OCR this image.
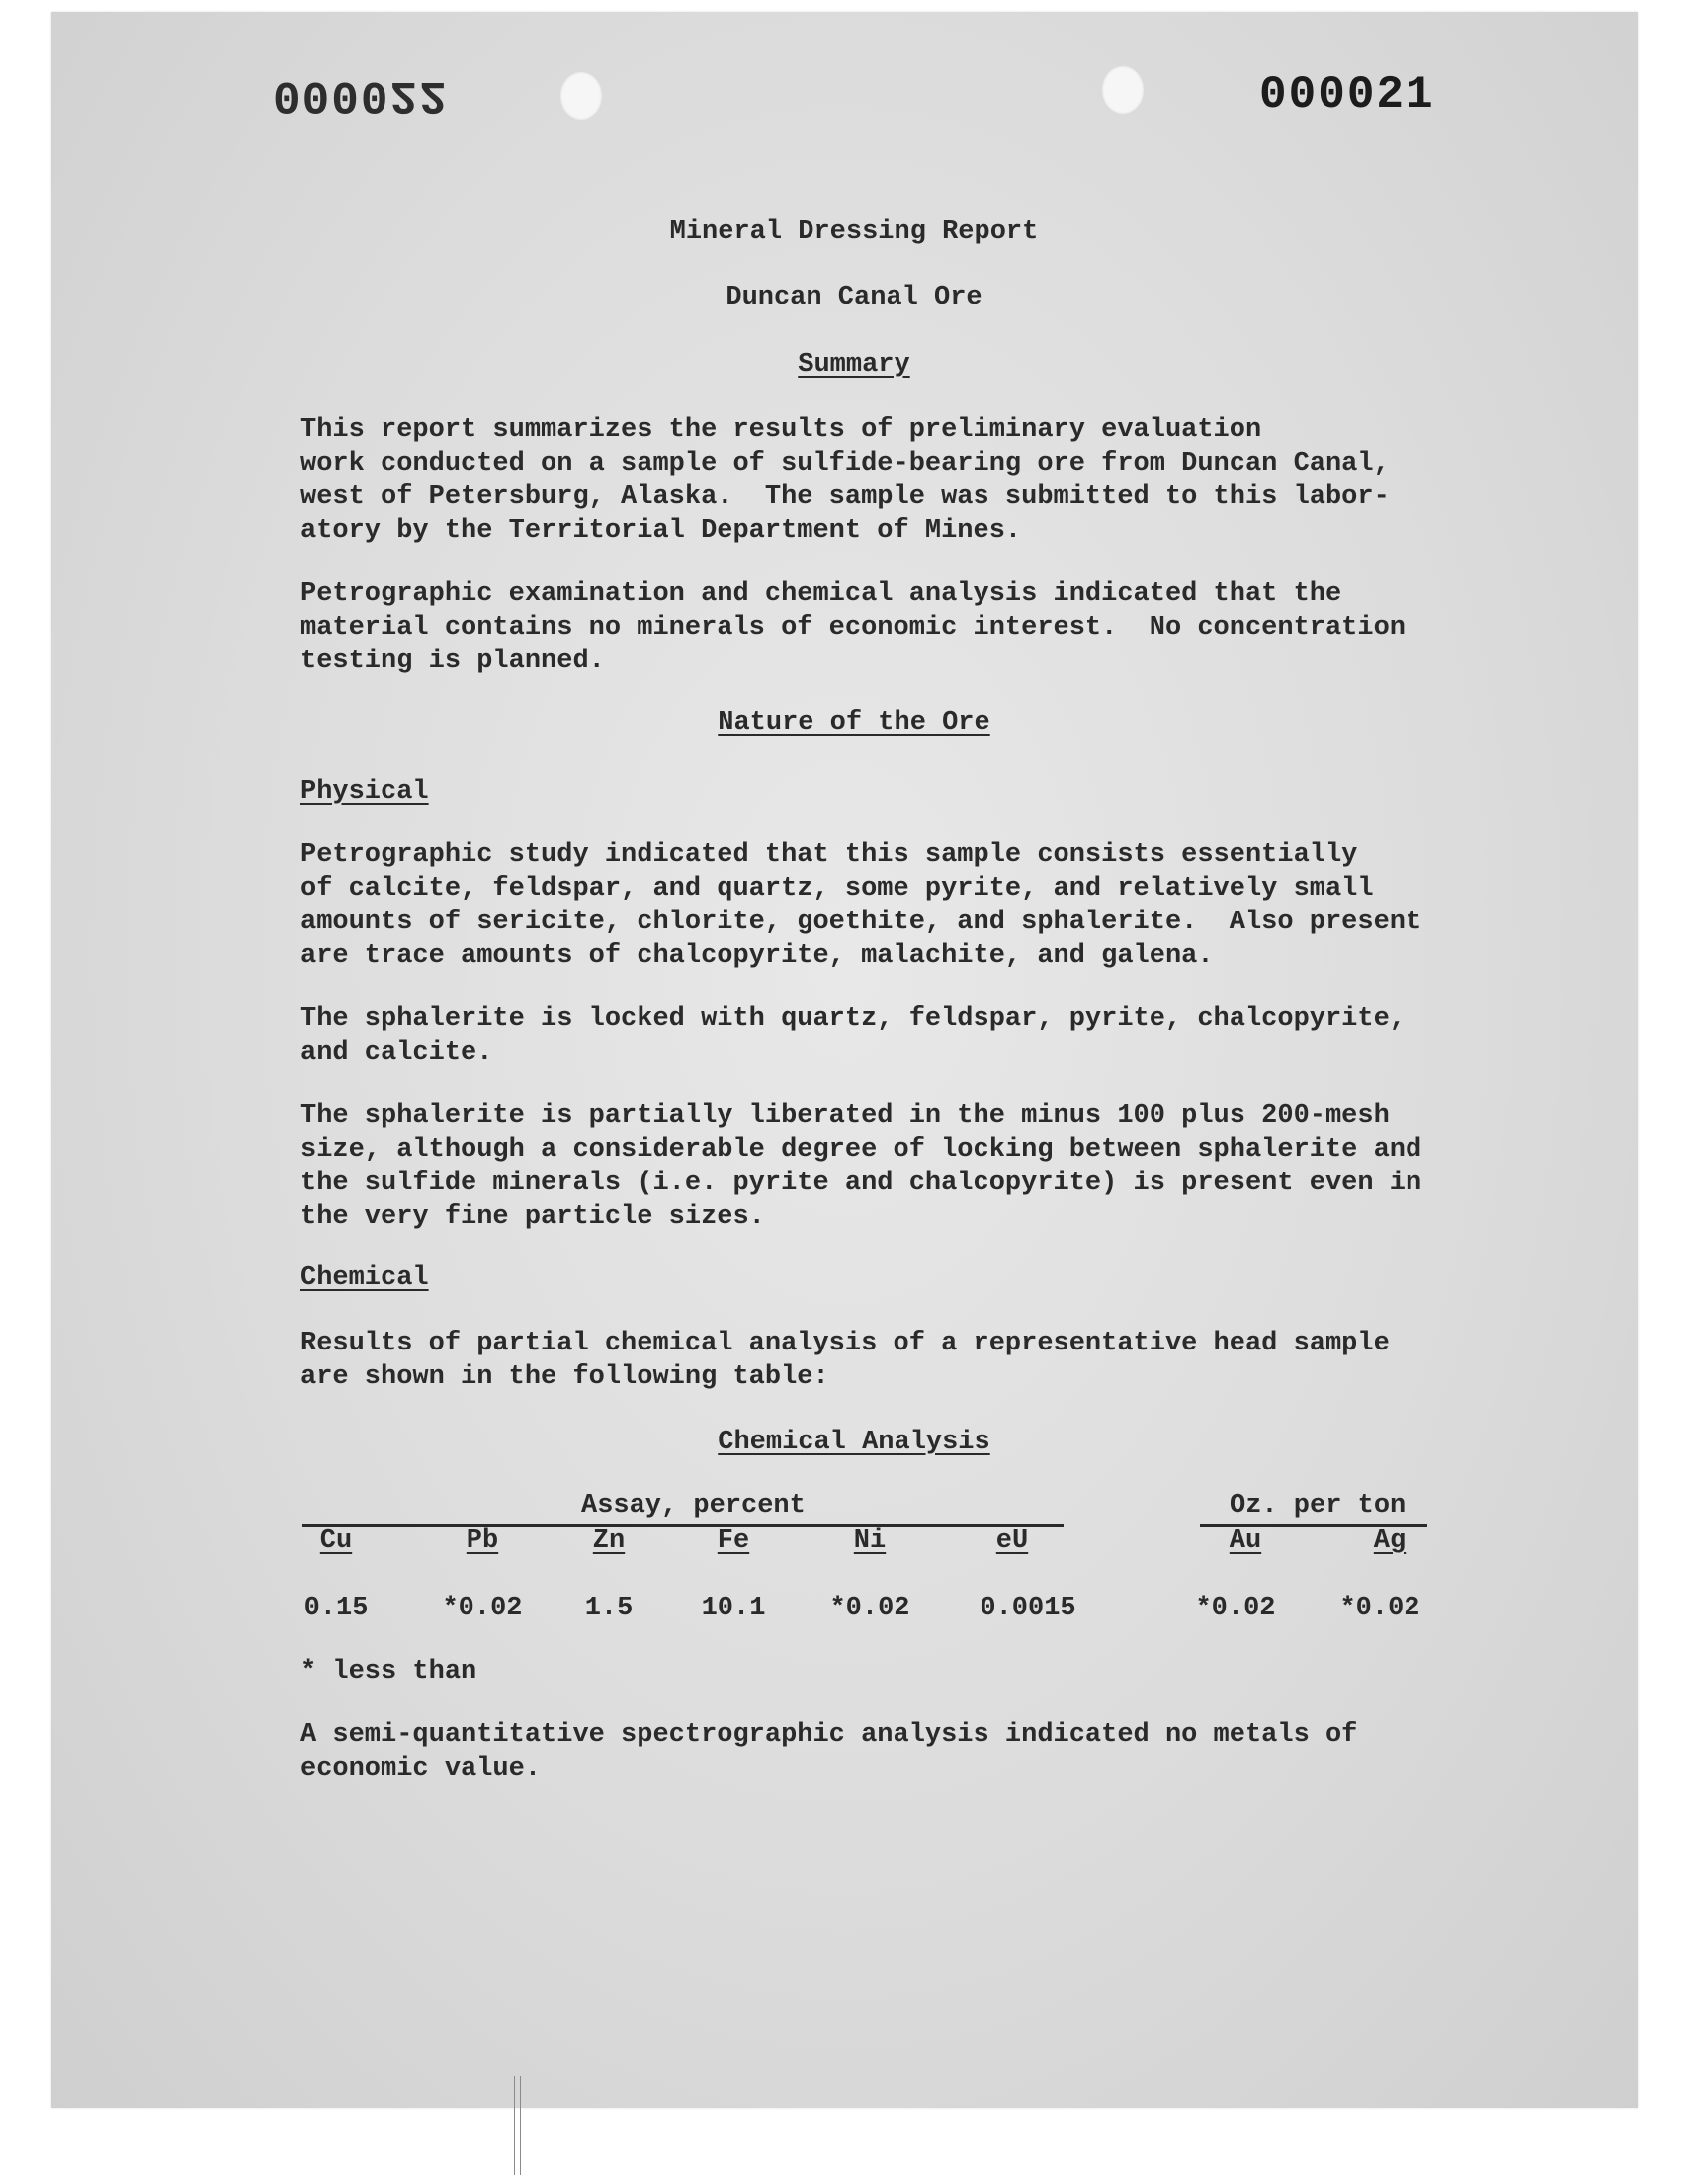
000022	000021
Mineral Dressing Report
Duncan Canal Ore
Summary

This report summarizes the results of preliminary evaluation
work conducted on a sample of sulfide-bearing ore from Duncan Canal,
west of Petersburg, Alaska.  The sample was submitted to this labor-
atory by the Territorial Department of Mines.

Petrographic examination and chemical analysis indicated that the
material contains no minerals of economic interest.  No concentration
testing is planned.

Nature of the Ore
Physical

Petrographic study indicated that this sample consists essentially
of calcite, feldspar, and quartz, some pyrite, and relatively small
amounts of sericite, chlorite, goethite, and sphalerite.  Also present
are trace amounts of chalcopyrite, malachite, and galena.

The sphalerite is locked with quartz, feldspar, pyrite, chalcopyrite,
and calcite.

The sphalerite is partially liberated in the minus 100 plus 200-mesh
size, although a considerable degree of locking between sphalerite and
the sulfide minerals (i.e. pyrite and chalcopyrite) is present even in
the very fine particle sizes.

Chemical

Results of partial chemical analysis of a representative head sample
are shown in the following table:

Chemical Analysis
Assay, percent	Oz. per ton
Cu	Pb	Zn	Fe	Ni	eU	Au	Ag
0.15	*0.02	1.5	10.1	*0.02	0.0015	*0.02	*0.02
* less than

A semi-quantitative spectrographic analysis indicated no metals of
economic value.
